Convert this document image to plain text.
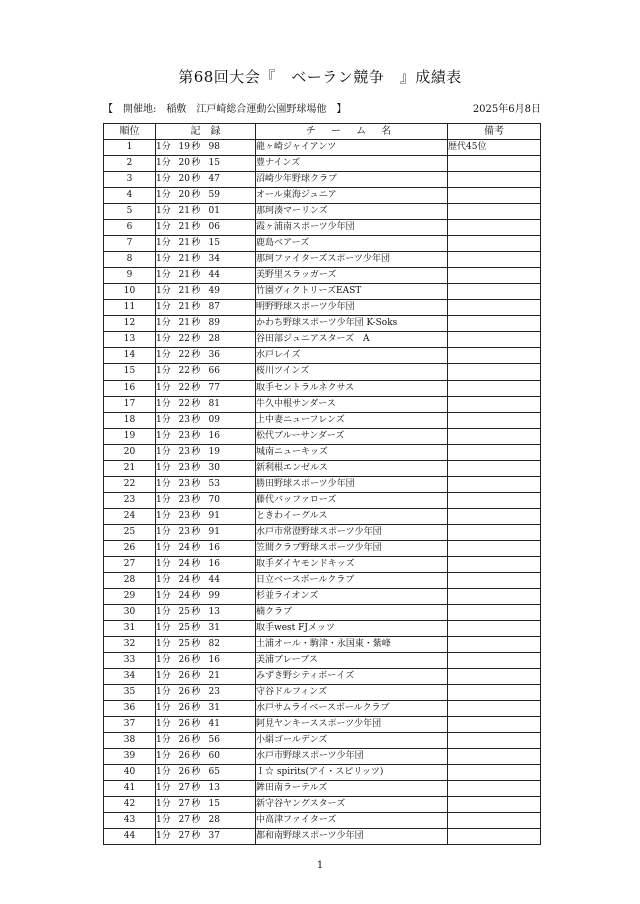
第68回大会『　ベーラン競争　』成績表
【　開催地:　稲敷　江戸崎総合運動公園野球場他　】	2025年6月8日
順位	記録	チ ー ム 名	備考
1	1分 19秒 98	龍ヶ崎ジャイアンツ	歴代45位
2	1分 20秒 15	豊ナインズ	
3	1分 20秒 47	沼崎少年野球クラブ	
4	1分 20秒 59	オール東海ジュニア	
5	1分 21秒 01	那珂湊マーリンズ	
6	1分 21秒 06	霞ヶ浦南スポーツ少年団	
7	1分 21秒 15	鹿島ベアーズ	
8	1分 21秒 34	那珂ファイターズスポーツ少年団	
9	1分 21秒 44	美野里スラッガーズ	
10	1分 21秒 49	竹園ヴィクトリーズEAST	
11	1分 21秒 87	明野野球スポーツ少年団	
12	1分 21秒 89	かわち野球スポーツ少年団 K-Soks	
13	1分 22秒 28	谷田部ジュニアスターズ　A	
14	1分 22秒 36	水戸レイズ	
15	1分 22秒 66	桜川ツインズ	
16	1分 22秒 77	取手セントラルネクサス	
17	1分 22秒 81	牛久中根サンダース	
18	1分 23秒 09	上中妻ニューフレンズ	
19	1分 23秒 16	松代ブルーサンダーズ	
20	1分 23秒 19	城南ニューキッズ	
21	1分 23秒 30	新利根エンゼルス	
22	1分 23秒 53	勝田野球スポーツ少年団	
23	1分 23秒 70	藤代バッファローズ	
24	1分 23秒 91	ときわイーグルス	
25	1分 23秒 91	水戸市常澄野球スポーツ少年団	
26	1分 24秒 16	笠間クラブ野球スポーツ少年団	
27	1分 24秒 16	取手ダイヤモンドキッズ	
28	1分 24秒 44	日立ベースボールクラブ	
29	1分 24秒 99	杉並ライオンズ	
30	1分 25秒 13	楠クラブ	
31	1分 25秒 31	取手west FJメッツ	
32	1分 25秒 82	土浦オール・駒津・永国東・紫峰	
33	1分 26秒 16	美浦ブレーブス	
34	1分 26秒 21	みずき野シティボーイズ	
35	1分 26秒 23	守谷ドルフィンズ	
36	1分 26秒 31	水戸サムライベースボールクラブ	
37	1分 26秒 41	阿見ヤンキーススポーツ少年団	
38	1分 26秒 56	小絹ゴールデンズ	
39	1分 26秒 60	水戸市野球スポーツ少年団	
40	1分 26秒 65	Ｉ☆ spirits(アイ・スピリッツ)	
41	1分 27秒 13	鉾田南ラーテルズ	
42	1分 27秒 15	新守谷ヤングスターズ	
43	1分 27秒 28	中高津ファイターズ	
44	1分 27秒 37	都和南野球スポーツ少年団	
1
